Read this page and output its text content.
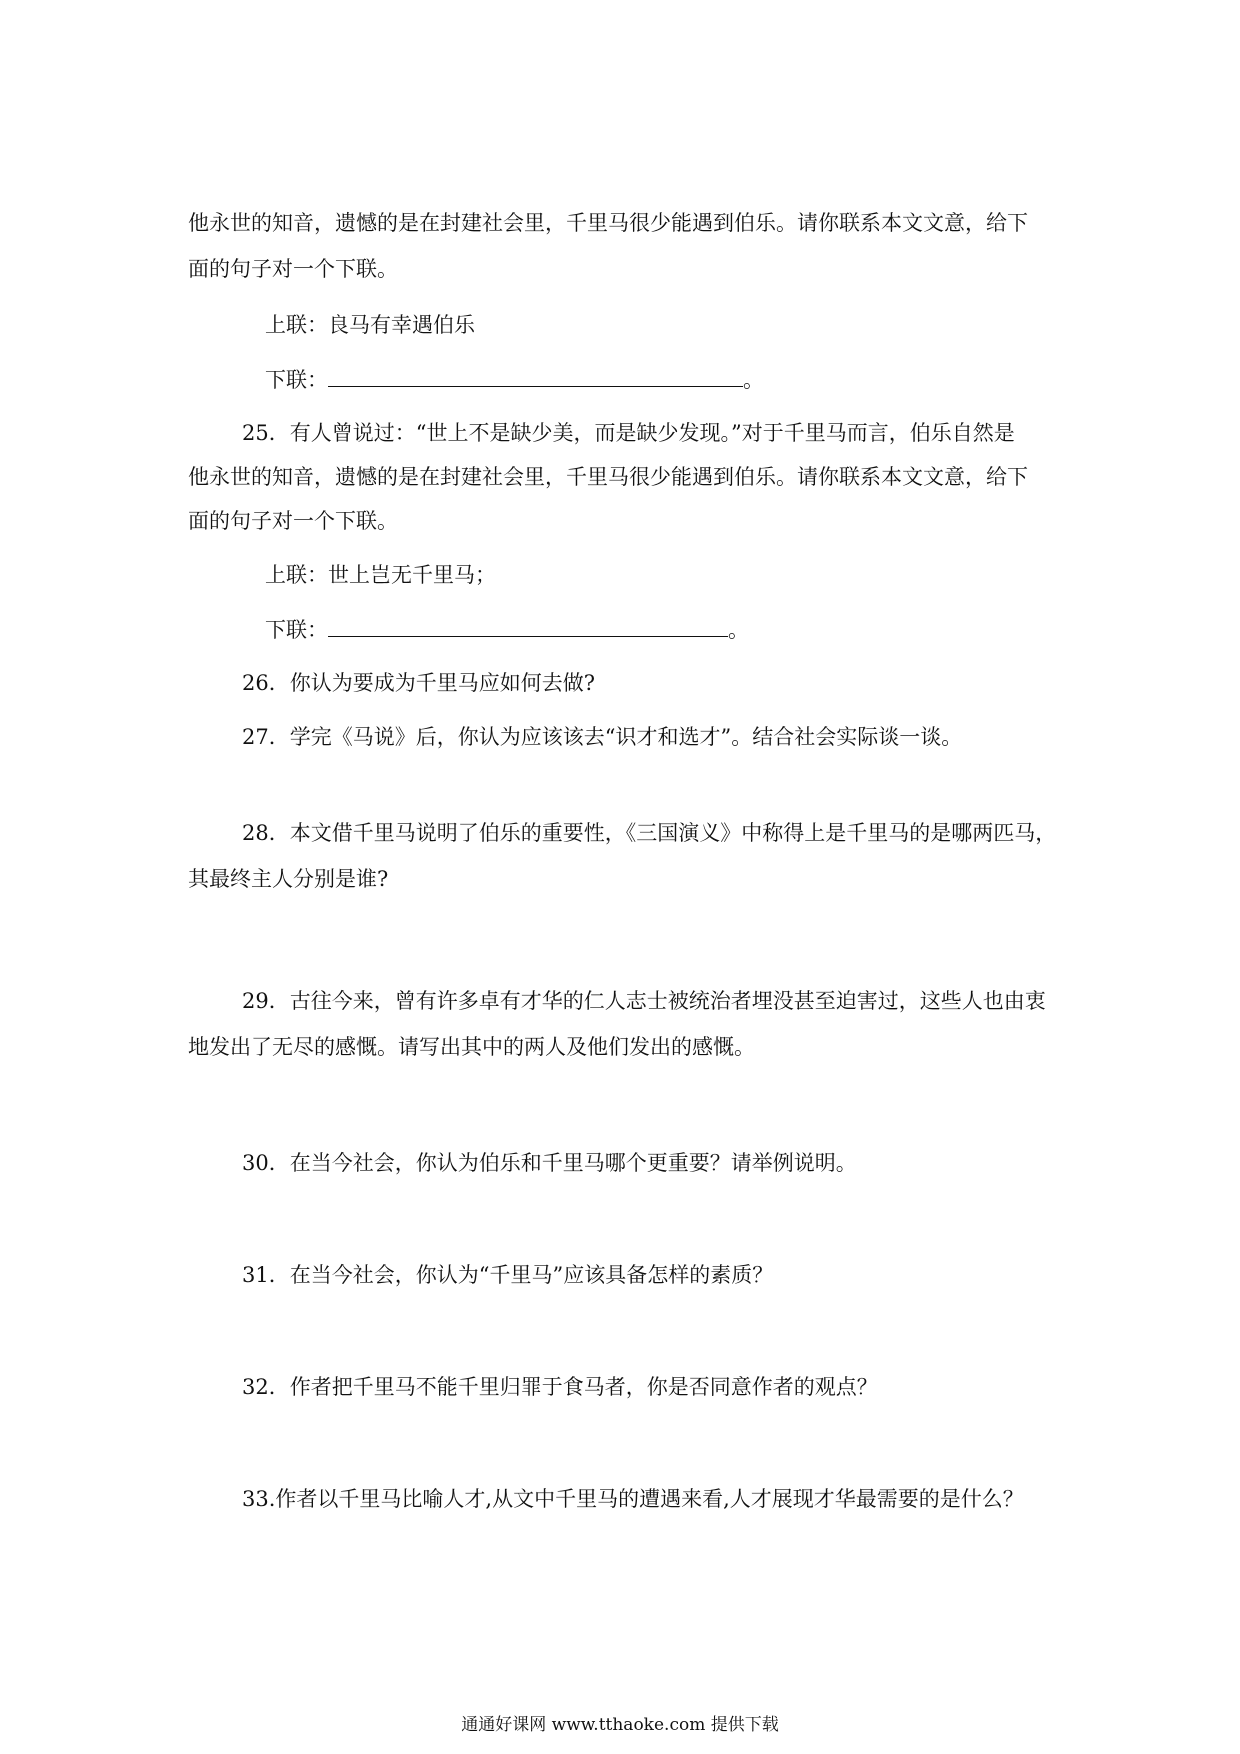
他永世的知音，遗憾的是在封建社会里，千里马很少能遇到伯乐。请你联系本文文意，给下
面的句子对一个下联。
上联：良马有幸遇伯乐
下联：	。
25．有人曾说过：“世上不是缺少美，而是缺少发现。”对于千里马而言，伯乐自然是
他永世的知音，遗憾的是在封建社会里，千里马很少能遇到伯乐。请你联系本文文意，给下
面的句子对一个下联。
上联：世上岂无千里马；
下联：	。
26．你认为要成为千里马应如何去做?
27．学完《马说》后，你认为应该该去“识才和选才”。结合社会实际谈一谈。
28．本文借千里马说明了伯乐的重要性，《三国演义》中称得上是千里马的是哪两匹马，
其最终主人分别是谁?
29．古往今来，曾有许多卓有才华的仁人志士被统治者埋没甚至迫害过，这些人也由衷
地发出了无尽的感慨。请写出其中的两人及他们发出的感慨。
30．在当今社会，你认为伯乐和千里马哪个更重要？请举例说明。
31．在当今社会，你认为“千里马”应该具备怎样的素质？
32．作者把千里马不能千里归罪于食马者，你是否同意作者的观点？
33.作者以千里马比喻人才,从文中千里马的遭遇来看,人才展现才华最需要的是什么？
通通好课网 www.tthaoke.com 提供下载
